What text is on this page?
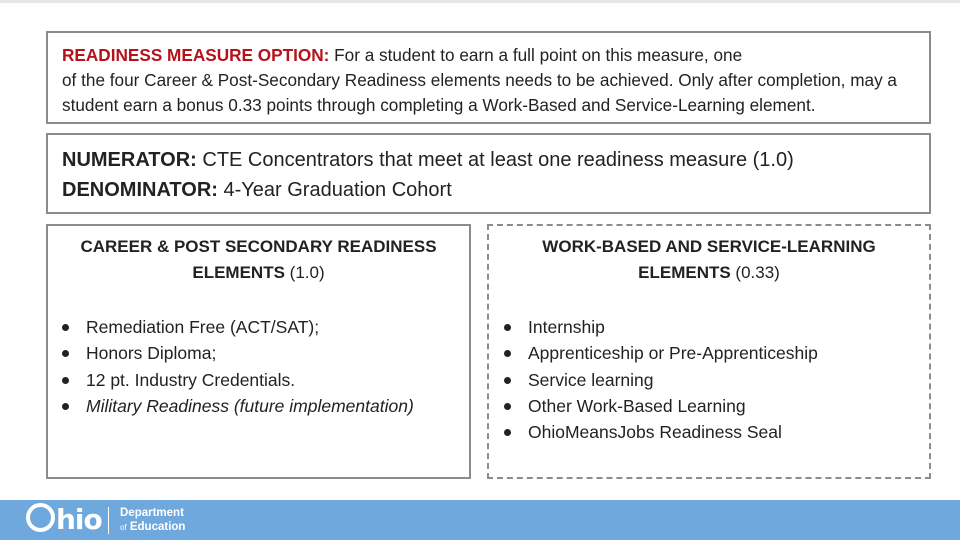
READINESS MEASURE OPTION: For a student to earn a full point on this measure, one
of the four Career & Post-Secondary Readiness elements needs to be achieved. Only after completion, may a
student earn a bonus 0.33 points through completing a Work-Based and Service-Learning element.

NUMERATOR: CTE Concentrators that meet at least one readiness measure (1.0)

DENOMINATOR: 4-Year Graduation Cohort

CAREER & POST SECONDARY READINESS
ELEMENTS (1.0)
Remediation Free (ACT/SAT);
Honors Diploma;
12 pt. Industry Credentials.
Military Readiness (future implementation)
WORK-BASED AND SERVICE-LEARNING
ELEMENTS (0.33)
Internship
Apprenticeship or Pre-Apprenticeship
Service learning
Other Work-Based Learning
OhioMeansJobs Readiness Seal
hio Department
of Education
